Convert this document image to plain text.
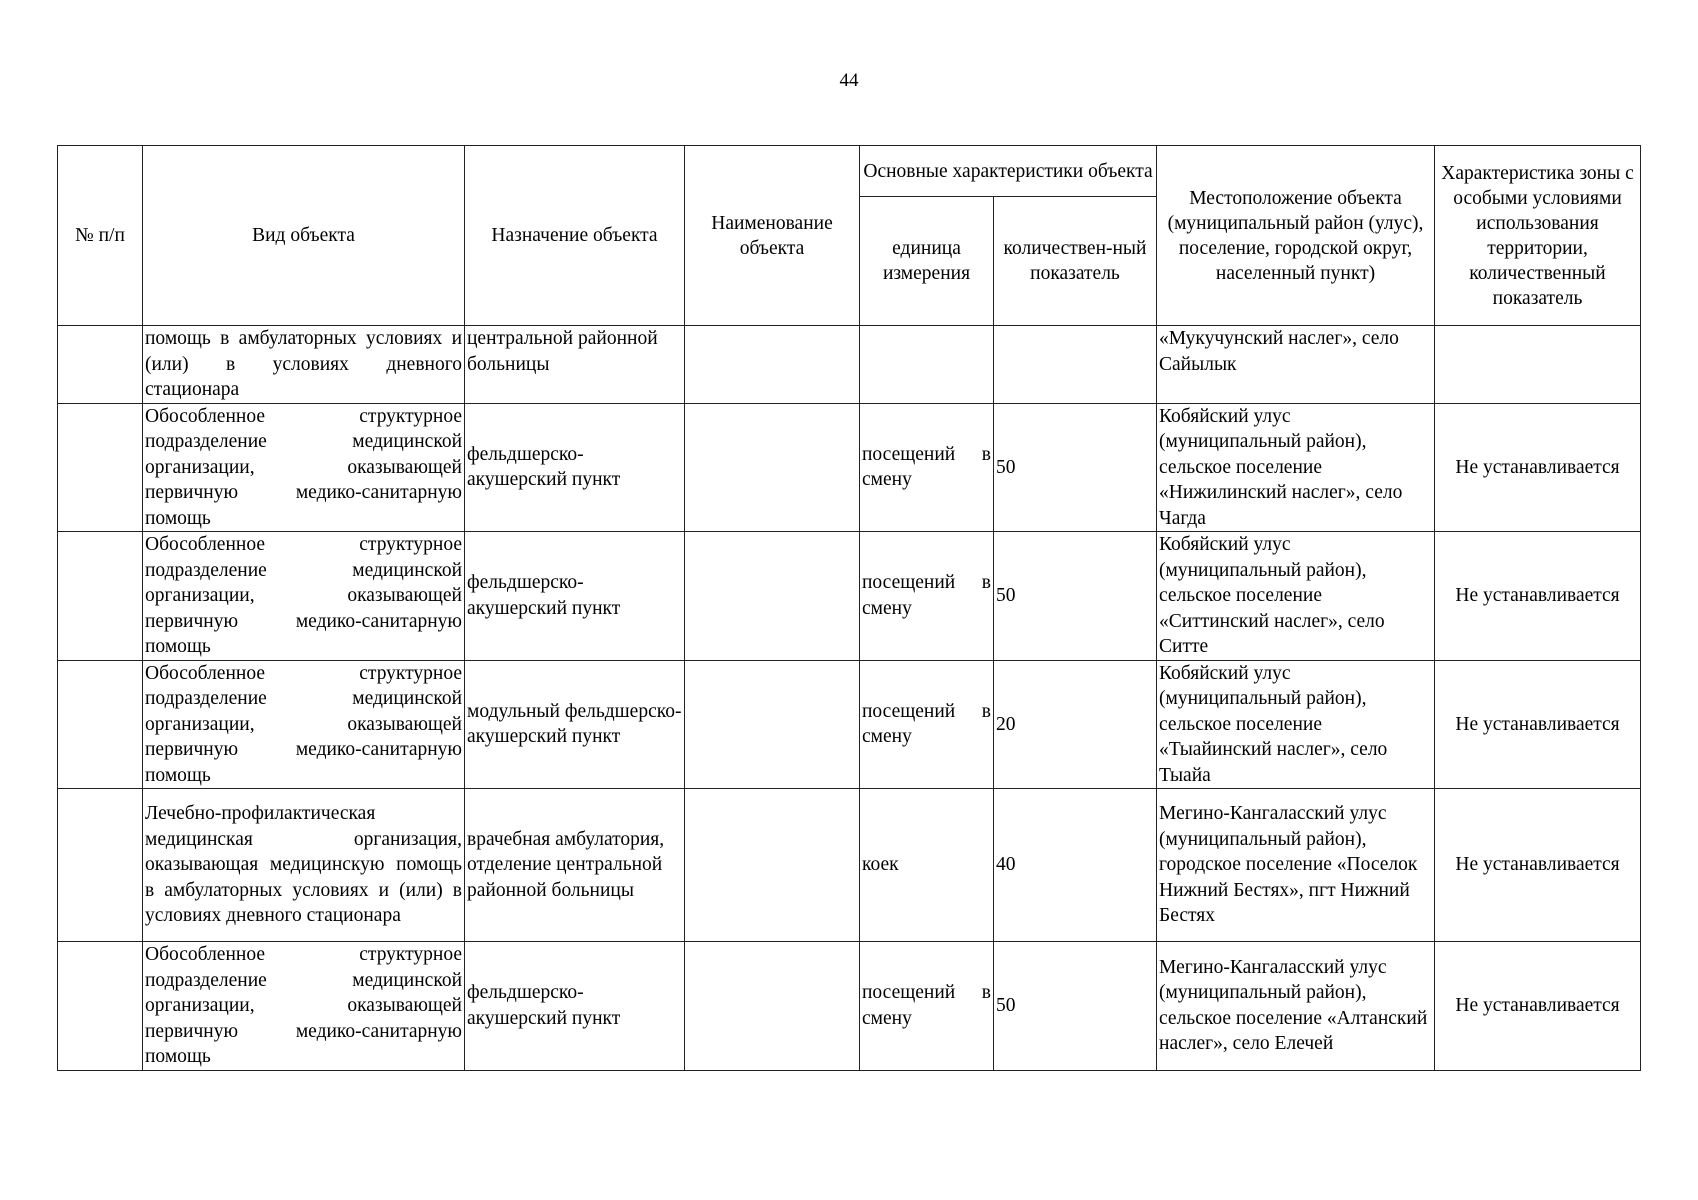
44
№ п/п	Вид объекта	Назначение объекта	Наименование объекта	Основные характеристики объекта		Местоположение объекта (муниципальный район (улус), поселение, городской округ, населенный пункт)	Характеристика зоны с особыми условиями использования территории, количественный показатель
				единица измерения	количествен-ный показатель		
	помощь в амбулаторных условиях и (или) в условиях дневного стационара	центральной районной больницы				«Мукучунский наслег», село Сайылык	
	Обособленное структурное подразделение медицинской организации, оказывающей первичную медико-санитарную помощь	фельдшерско-акушерский пункт		посещений в смену	50	Кобяйский улус (муниципальный район), сельское поселение «Нижилинский наслег», село Чагда	Не устанавливается
	Обособленное структурное подразделение медицинской организации, оказывающей первичную медико-санитарную помощь	фельдшерско-акушерский пункт		посещений в смену	50	Кобяйский улус (муниципальный район), сельское поселение «Ситтинский наслег», село Ситте	Не устанавливается
	Обособленное структурное подразделение медицинской организации, оказывающей первичную медико-санитарную помощь	модульный фельдшерско-акушерский пункт		посещений в смену	20	Кобяйский улус (муниципальный район), сельское поселение «Тыайинский наслег», село Тыайа	Не устанавливается
	Лечебно-профилактическая медицинская организация, оказывающая медицинскую помощь в амбулаторных условиях и (или) в условиях дневного стационара	врачебная амбулатория, отделение центральной районной больницы		коек	40	Мегино-Кангаласский улус (муниципальный район), городское поселение «Поселок Нижний Бестях», пгт Нижний Бестях	Не устанавливается
	Обособленное структурное подразделение медицинской организации, оказывающей первичную медико-санитарную помощь	фельдшерско-акушерский пункт		посещений в смену	50	Мегино-Кангаласский улус (муниципальный район), сельское поселение «Алтанский наслег», село Елечей	Не устанавливается
